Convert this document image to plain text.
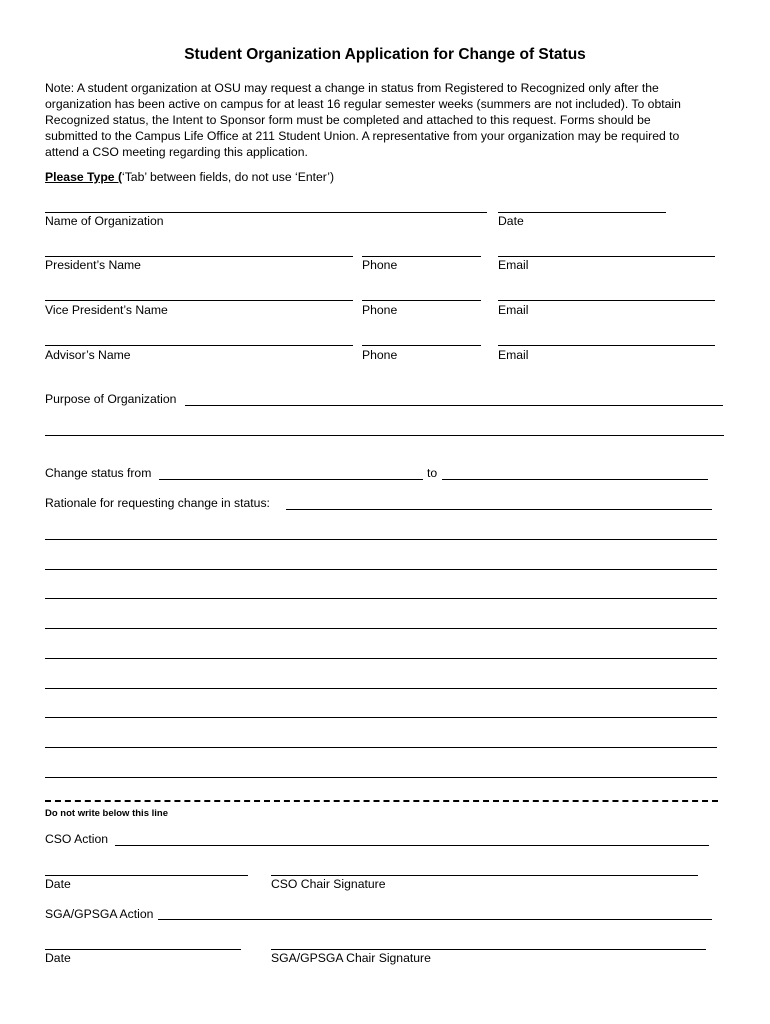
Student Organization Application for Change of Status

Note: A student organization at OSU may request a change in status from Registered to Recognized only after the

organization has been active on campus for at least 16 regular semester weeks (summers are not included). To obtain

Recognized status, the Intent to Sponsor form must be completed and attached to this request. Forms should be

submitted to the Campus Life Office at 211 Student Union. A representative from your organization may be required to

attend a CSO meeting regarding this application.

Please Type (‘Tab’ between fields, do not use ‘Enter’)
Name of Organization	Date
President’s Name	Phone	Email
Vice President’s Name	Phone	Email
Advisor’s Name	Phone	Email
Purpose of Organization
Change status from	to
Rationale for requesting change in status:
Do not write below this line
CSO Action
Date	CSO Chair Signature
SGA/GPSGA Action
Date	SGA/GPSGA Chair Signature
